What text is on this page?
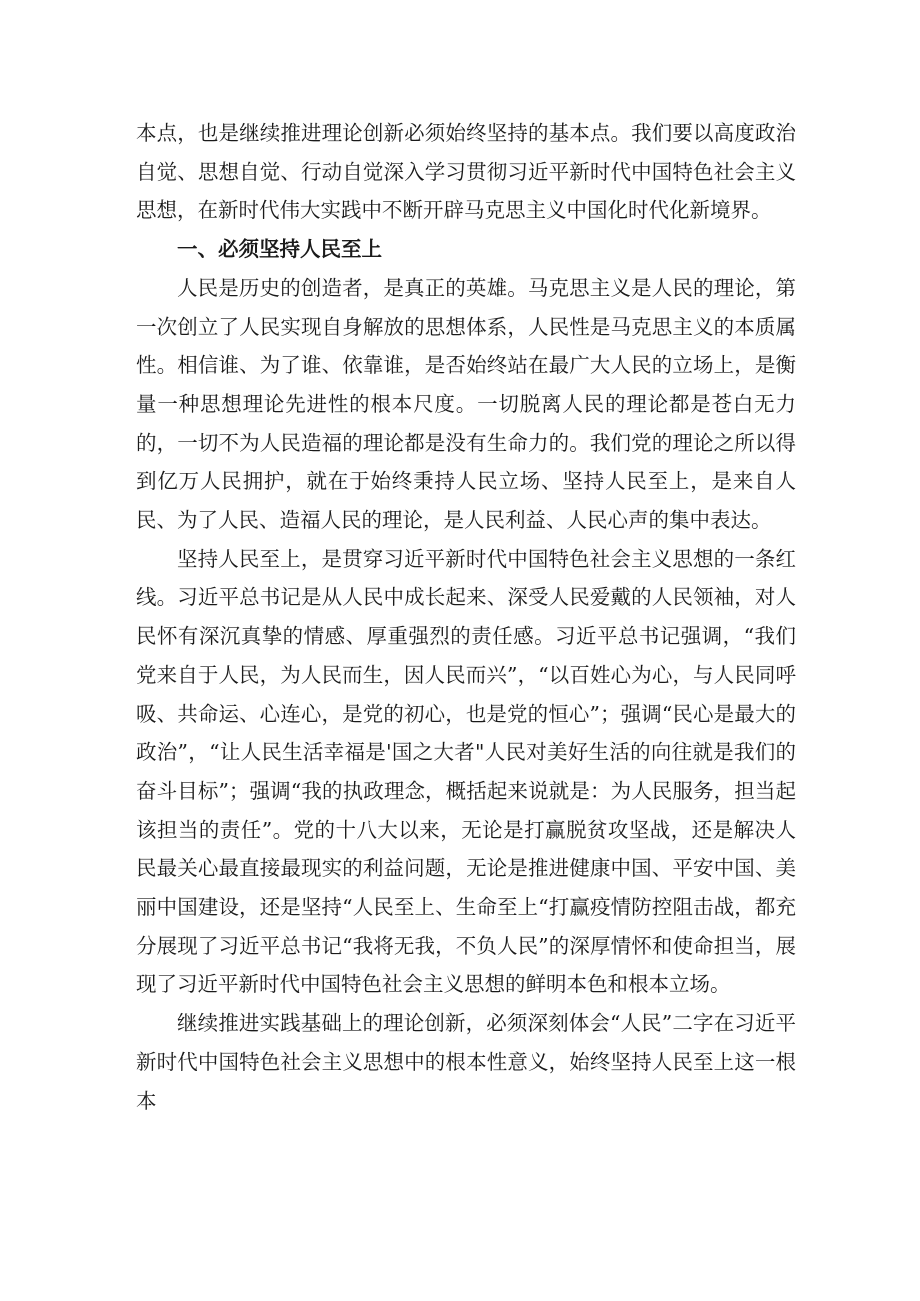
本点，也是继续推进理论创新必须始终坚持的基本点。我们要以高度政治自觉、思想自觉、行动自觉深入学习贯彻习近平新时代中国特色社会主义思想，在新时代伟大实践中不断开辟马克思主义中国化时代化新境界。

一、必须坚持人民至上

人民是历史的创造者，是真正的英雄。马克思主义是人民的理论，第一次创立了人民实现自身解放的思想体系，人民性是马克思主义的本质属性。相信谁、为了谁、依靠谁，是否始终站在最广大人民的立场上，是衡量一种思想理论先进性的根本尺度。一切脱离人民的理论都是苍白无力的，一切不为人民造福的理论都是没有生命力的。我们党的理论之所以得到亿万人民拥护，就在于始终秉持人民立场、坚持人民至上，是来自人民、为了人民、造福人民的理论，是人民利益、人民心声的集中表达。

坚持人民至上，是贯穿习近平新时代中国特色社会主义思想的一条红线。习近平总书记是从人民中成长起来、深受人民爱戴的人民领袖，对人民怀有深沉真挚的情感、厚重强烈的责任感。习近平总书记强调，“我们党来自于人民，为人民而生，因人民而兴”，“以百姓心为心，与人民同呼吸、共命运、心连心，是党的初心，也是党的恒心”；强调“民心是最大的政治”，“让人民生活幸福是'国之大者"人民对美好生活的向往就是我们的奋斗目标”；强调“我的执政理念，概括起来说就是：为人民服务，担当起该担当的责任”。党的十八大以来，无论是打赢脱贫攻坚战，还是解决人民最关心最直接最现实的利益问题，无论是推进健康中国、平安中国、美丽中国建设，还是坚持“人民至上、生命至上“打赢疫情防控阻击战，都充分展现了习近平总书记“我将无我，不负人民”的深厚情怀和使命担当，展现了习近平新时代中国特色社会主义思想的鲜明本色和根本立场。

继续推进实践基础上的理论创新，必须深刻体会“人民”二字在习近平新时代中国特色社会主义思想中的根本性意义，始终坚持人民至上这一根本
